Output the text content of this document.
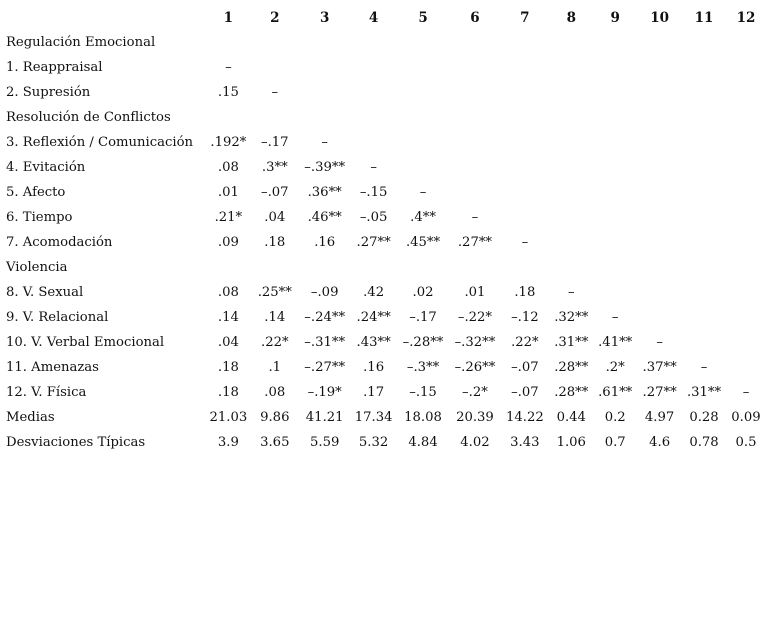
	1	2	3	4	5	6	7	8	9	10	11	12
Regulación Emocional												
1. Reappraisal	–											
2. Supresión	.15	–										
Resolución de Conflictos												
3. Reflexión / Comunicación	.192*	–.17	–									
4. Evitación	.08	.3**	–.39**	–								
5. Afecto	.01	–.07	.36**	–.15	–							
6. Tiempo	.21*	.04	.46**	–.05	.4**	–						
7. Acomodación	.09	.18	.16	.27**	.45**	.27**	–					
Violencia												
8. V. Sexual	.08	.25**	–.09	.42	.02	.01	.18	–				
9. V. Relacional	.14	.14	–.24**	.24**	–.17	–.22*	–.12	.32**	–			
10. V. Verbal Emocional	.04	.22*	–.31**	.43**	–.28**	–.32**	.22*	.31**	.41**	–		
11. Amenazas	.18	.1	–.27**	.16	–.3**	–.26**	–.07	.28**	.2*	.37**	–	
12. V. Física	.18	.08	–.19*	.17	–.15	–.2*	–.07	.28**	.61**	.27**	.31**	–
Medias	21.03	9.86	41.21	17.34	18.08	20.39	14.22	0.44	0.2	4.97	0.28	0.09
Desviaciones Típicas	3.9	3.65	5.59	5.32	4.84	4.02	3.43	1.06	0.7	4.6	0.78	0.5
